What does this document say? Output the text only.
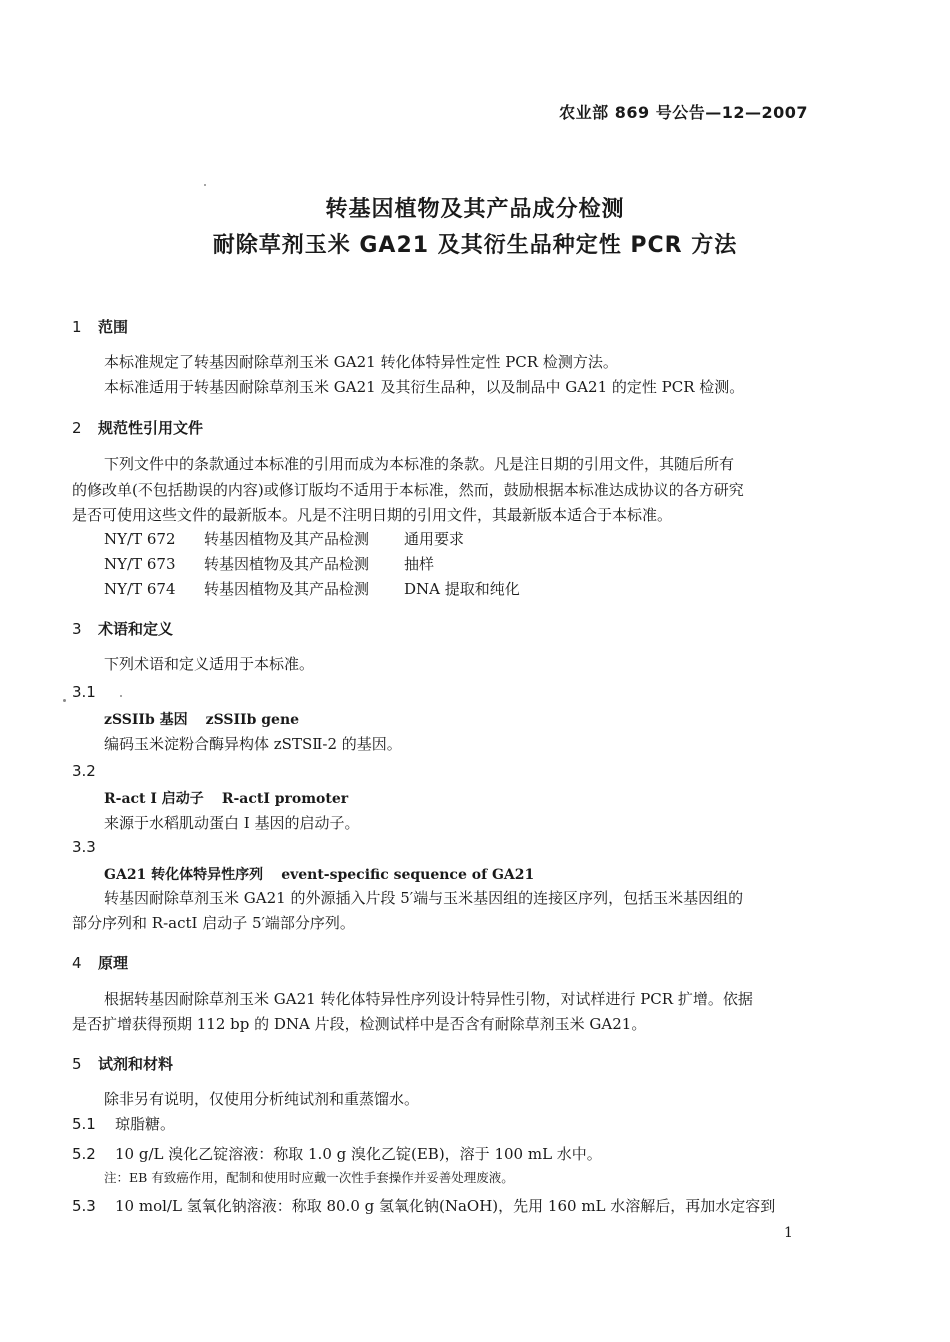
农业部 869 号公告—12—2007
转基因植物及其产品成分检测
耐除草剂玉米 GA21 及其衍生品种定性 PCR 方法
1 范围
本标准规定了转基因耐除草剂玉米 GA21 转化体特异性定性 PCR 检测方法。
本标准适用于转基因耐除草剂玉米 GA21 及其衍生品种，以及制品中 GA21 的定性 PCR 检测。
2 规范性引用文件
下列文件中的条款通过本标准的引用而成为本标准的条款。凡是注日期的引用文件，其随后所有
的修改单(不包括勘误的内容)或修订版均不适用于本标准，然而，鼓励根据本标准达成协议的各方研究
是否可使用这些文件的最新版本。凡是不注明日期的引用文件，其最新版本适合于本标准。
NY/T 672 转基因植物及其产品检测 通用要求
NY/T 673 转基因植物及其产品检测 抽样
NY/T 674 转基因植物及其产品检测 DNA 提取和纯化
3 术语和定义
下列术语和定义适用于本标准。
3.1
zSSIIb 基因 zSSIIb gene
编码玉米淀粉合酶异构体 zSTSⅡ-2 的基因。
3.2
R-act I 启动子 R-actI promoter
来源于水稻肌动蛋白 I 基因的启动子。
3.3
GA21 转化体特异性序列 event-specific sequence of GA21
转基因耐除草剂玉米 GA21 的外源插入片段 5′端与玉米基因组的连接区序列，包括玉米基因组的
部分序列和 R-actI 启动子 5′端部分序列。
4 原理
根据转基因耐除草剂玉米 GA21 转化体特异性序列设计特异性引物，对试样进行 PCR 扩增。依据
是否扩增获得预期 112 bp 的 DNA 片段，检测试样中是否含有耐除草剂玉米 GA21。
5 试剂和材料
除非另有说明，仅使用分析纯试剂和重蒸馏水。
5.1 琼脂糖。
5.2 10 g/L 溴化乙锭溶液：称取 1.0 g 溴化乙锭(EB)，溶于 100 mL 水中。
注：EB 有致癌作用，配制和使用时应戴一次性手套操作并妥善处理废液。
5.3 10 mol/L 氢氧化钠溶液：称取 80.0 g 氢氧化钠(NaOH)，先用 160 mL 水溶解后，再加水定容到
1
